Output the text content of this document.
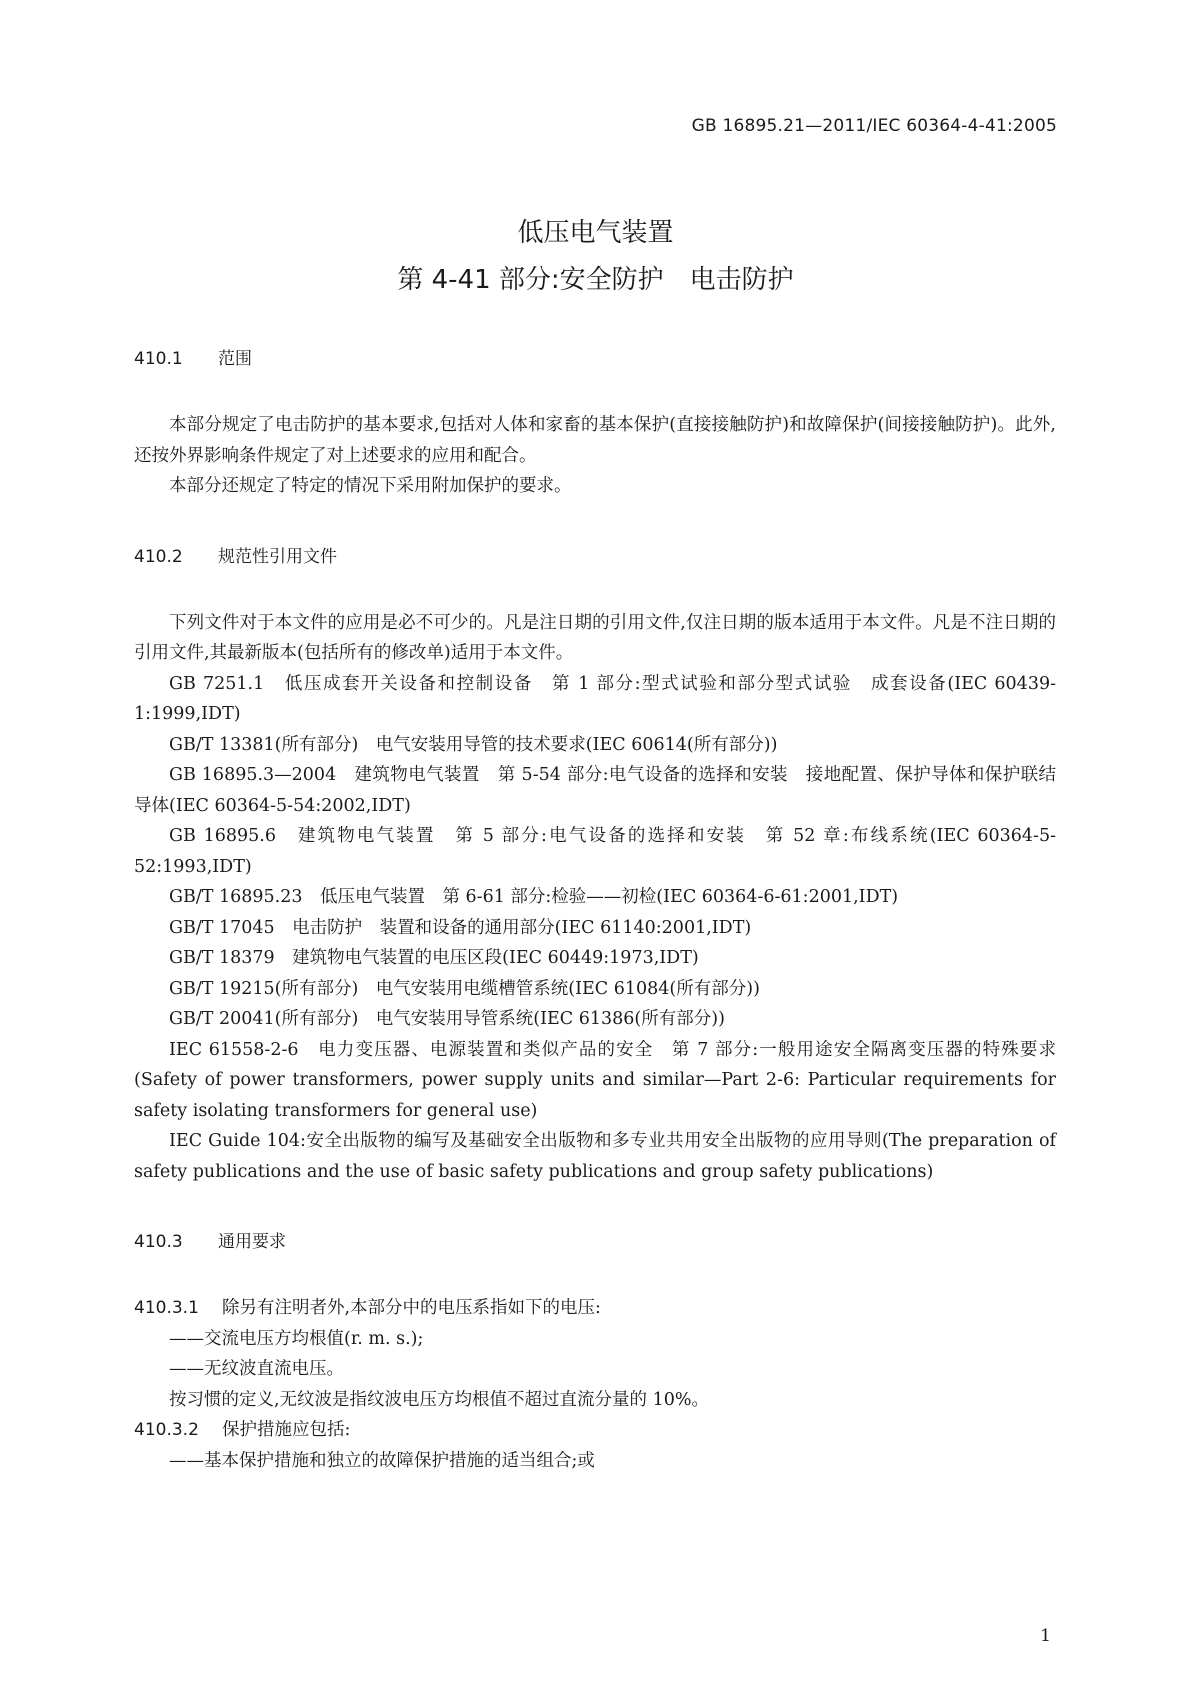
GB 16895.21—2011/IEC 60364-4-41:2005
低压电气装置
第 4-41 部分:安全防护　电击防护
410.1 范围

本部分规定了电击防护的基本要求,包括对人体和家畜的基本保护(直接接触防护)和故障保护(间接接触防护)。此外,还按外界影响条件规定了对上述要求的应用和配合。

本部分还规定了特定的情况下采用附加保护的要求。

410.2 规范性引用文件

下列文件对于本文件的应用是必不可少的。凡是注日期的引用文件,仅注日期的版本适用于本文件。凡是不注日期的引用文件,其最新版本(包括所有的修改单)适用于本文件。

GB 7251.1　低压成套开关设备和控制设备　第 1 部分:型式试验和部分型式试验　成套设备(IEC 60439-1:1999,IDT)

GB/T 13381(所有部分)　电气安装用导管的技术要求(IEC 60614(所有部分))

GB 16895.3—2004　建筑物电气装置　第 5-54 部分:电气设备的选择和安装　接地配置、保护导体和保护联结导体(IEC 60364-5-54:2002,IDT)

GB 16895.6　建筑物电气装置　第 5 部分:电气设备的选择和安装　第 52 章:布线系统(IEC 60364-5-52:1993,IDT)

GB/T 16895.23　低压电气装置　第 6-61 部分:检验——初检(IEC 60364-6-61:2001,IDT)

GB/T 17045　电击防护　装置和设备的通用部分(IEC 61140:2001,IDT)

GB/T 18379　建筑物电气装置的电压区段(IEC 60449:1973,IDT)

GB/T 19215(所有部分)　电气安装用电缆槽管系统(IEC 61084(所有部分))

GB/T 20041(所有部分)　电气安装用导管系统(IEC 61386(所有部分))

IEC 61558-2-6　电力变压器、电源装置和类似产品的安全　第 7 部分:一般用途安全隔离变压器的特殊要求(Safety of power transformers, power supply units and similar—Part 2-6: Particular requirements for safety isolating transformers for general use)

IEC Guide 104:安全出版物的编写及基础安全出版物和多专业共用安全出版物的应用导则(The preparation of safety publications and the use of basic safety publications and group safety publications)

410.3 通用要求
410.3.1 除另有注明者外,本部分中的电压系指如下的电压:
——交流电压方均根值(r. m. s.);
——无纹波直流电压。

按习惯的定义,无纹波是指纹波电压方均根值不超过直流分量的 10%。

410.3.2 保护措施应包括:
——基本保护措施和独立的故障保护措施的适当组合;或
1
